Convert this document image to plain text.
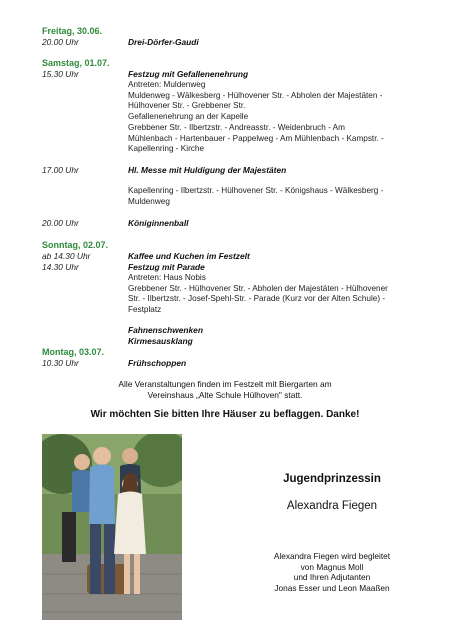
Freitag, 30.06.
20.00 Uhr	Drei-Dörfer-Gaudi
Samstag, 01.07.
15.30 Uhr	Festzug mit Gefallenenehrung
Antreten: Muldenweg
Muldenweg - Wälkesberg - Hülhovener Str. - Abholen der Majestäten -
Hülhovener Str. - Grebbener Str.
Gefallenenehrung an der Kapelle
Grebbener Str. - Ilbertzstr. - Andreasstr. - Weidenbruch - Am
Mühlenbach - Hartenbauer - Pappelweg - Am Mühlenbach - Kampstr. -
Kapellenring - Kirche
17.00 Uhr	Hl. Messe mit Huldigung der Majestäten
Kapellenring - Ilbertzstr. - Hülhovener Str. - Königshaus - Wälkesberg -
Muldenweg
20.00 Uhr	Königinnenball
Sonntag, 02.07.
ab 14.30 Uhr	Kaffee und Kuchen im Festzelt
14.30 Uhr	Festzug mit Parade
Antreten: Haus Nobis
Grebbener Str. - Hülhovener Str. - Abholen der Majestäten - Hülhovener
Str. - Ilbertzstr. - Josef-Spehl-Str. - Parade (Kurz vor der Alten Schule) -
Festplatz
Fahnenschwenken
Kirmesausklang
Montag, 03.07.
10.30 Uhr	Frühschoppen
Alle Veranstaltungen finden im Festzelt mit Biergarten am
Vereinshaus „Alte Schule Hülhoven" statt.
Wir möchten Sie bitten Ihre Häuser zu beflaggen. Danke!
Jugendprinzessin
Alexandra Fiegen
Alexandra Fiegen wird begleitet
von Magnus Moll
und Ihren Adjutanten
Jonas Esser und Leon Maaßen
